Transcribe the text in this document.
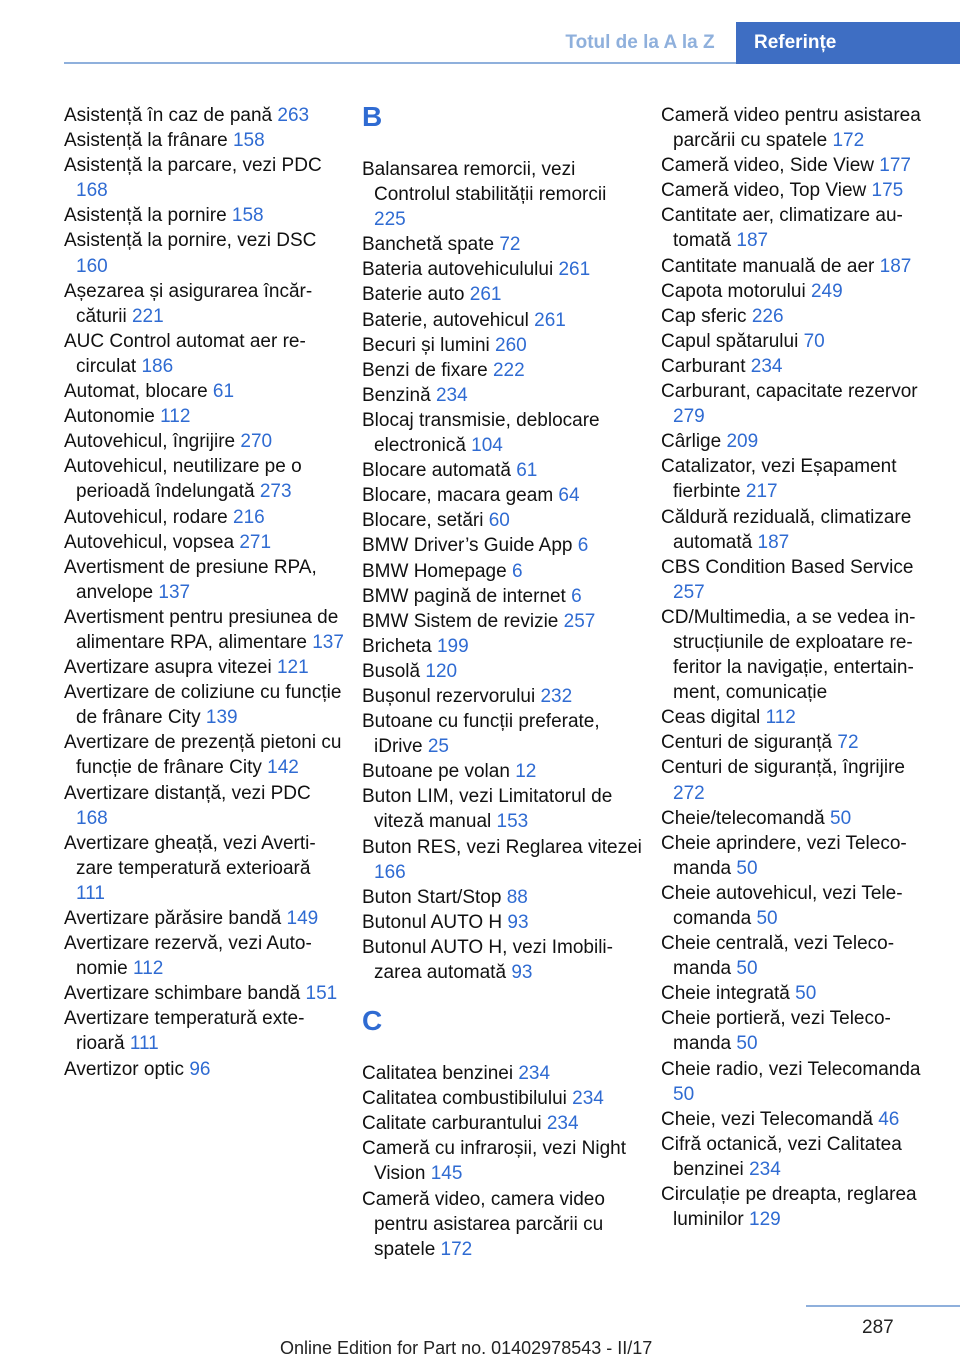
Totul de la A la Z	Referințe
Asistență în caz de pană 263
Asistență la frânare 158
Asistență la parcare, vezi PDC 168
Asistență la pornire 158
Asistență la pornire, vezi DSC 160
Așezarea și asigurarea încărcăturii 221
AUC Control automat aer recirculat 186
Automat, blocare 61
Autonomie 112
Autovehicul, îngrijire 270
Autovehicul, neutilizare pe o perioadă îndelungată 273
Autovehicul, rodare 216
Autovehicul, vopsea 271
Avertisment de presiune RPA, anvelope 137
Avertisment pentru presiunea de alimentare RPA, alimentare 137
Avertizare asupra vitezei 121
Avertizare de coliziune cu funcție de frânare City 139
Avertizare de prezență pietoni cu funcție de frânare City 142
Avertizare distanță, vezi PDC 168
Avertizare gheață, vezi Avertizare temperatură exterioară 111
Avertizare părăsire bandă 149
Avertizare rezervă, vezi Autonomie 112
Avertizare schimbare bandă 151
Avertizare temperatură exterioară 111
Avertizor optic 96
B
Balansarea remorcii, vezi Controlul stabilității remorcii 225
Banchetă spate 72
Bateria autovehiculului 261
Baterie auto 261
Baterie, autovehicul 261
Becuri și lumini 260
Benzi de fixare 222
Benzină 234
Blocaj transmisie, deblocare electronică 104
Blocare automată 61
Blocare, macara geam 64
Blocare, setări 60
BMW Driver’s Guide App 6
BMW Homepage 6
BMW pagină de internet 6
BMW Sistem de revizie 257
Bricheta 199
Busolă 120
Bușonul rezervorului 232
Butoane cu funcții preferate, iDrive 25
Butoane pe volan 12
Buton LIM, vezi Limitatorul de viteză manual 153
Buton RES, vezi Reglarea vitezei 166
Buton Start/Stop 88
Butonul AUTO H 93
Butonul AUTO H, vezi Imobilizarea automată 93
C
Calitatea benzinei 234
Calitatea combustibilului 234
Calitate carburantului 234
Cameră cu infraroșii, vezi Night Vision 145
Cameră video, camera video pentru asistarea parcării cu spatele 172
Cameră video pentru asistarea parcării cu spatele 172
Cameră video, Side View 177
Cameră video, Top View 175
Cantitate aer, climatizare automată 187
Cantitate manuală de aer 187
Capota motorului 249
Cap sferic 226
Capul spătarului 70
Carburant 234
Carburant, capacitate rezervor 279
Cârlige 209
Catalizator, vezi Eșapament fierbinte 217
Căldură reziduală, climatizare automată 187
CBS Condition Based Service 257
CD/Multimedia, a se vedea instrucțiunile de exploatare referitor la navigație, entertainment, comunicație
Ceas digital 112
Centuri de siguranță 72
Centuri de siguranță, îngrijire 272
Cheie/telecomandă 50
Cheie aprindere, vezi Telecomanda 50
Cheie autovehicul, vezi Telecomanda 50
Cheie centrală, vezi Telecomanda 50
Cheie integrată 50
Cheie portieră, vezi Telecomanda 50
Cheie radio, vezi Telecomanda 50
Cheie, vezi Telecomandă 46
Cifră octanică, vezi Calitatea benzinei 234
Circulație pe dreapta, reglarea luminilor 129
287
Online Edition for Part no. 01402978543 - II/17
